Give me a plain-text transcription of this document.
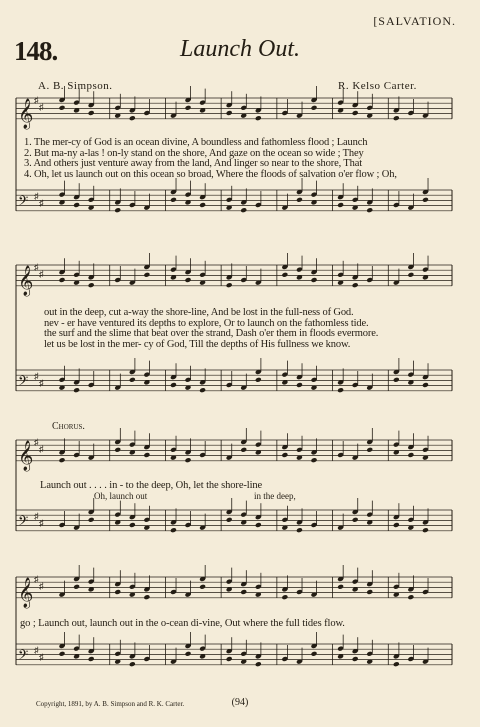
[SALVATION.
148.	Launch Out.
A. B. Simpson.	R. Kelso Carter.
𝄞 ♯
♯
𝄢 ♯
♯
𝄞 ♯
♯
𝄢 ♯
♯
𝄞 ♯
♯
𝄢 ♯
♯
𝄞 ♯
♯
𝄢 ♯
♯
1. The mer-cy of God is an ocean divine, A boundless and fathomless flood ; Launch
2. But ma-ny a-las ! on-ly stand on the shore, And gaze on the ocean so wide ; They
3. And others just venture away from the land, And linger so near to the shore, That
4. Oh, let us launch out on this ocean so broad, Where the floods of salvation o'er flow ; Oh,
out in the deep, cut a-way the shore-line, And be lost in the full-ness of God.
nev - er have ventured its depths to explore, Or to launch on the fathomless tide.
the surf and the slime that beat over the strand, Dash o'er them in floods evermore.
let us be lost in the mer- cy of God, Till the depths of His fullness we know.
Chorus.
Launch out . . . . in - to the deep, Oh, let the shore-line
Oh, launch out	in the deep,
go ; Launch out, launch out in the o-cean di-vine, Out where the full tides flow.
Copyright, 1891, by A. B. Simpson and R. K. Carter.	(94)
